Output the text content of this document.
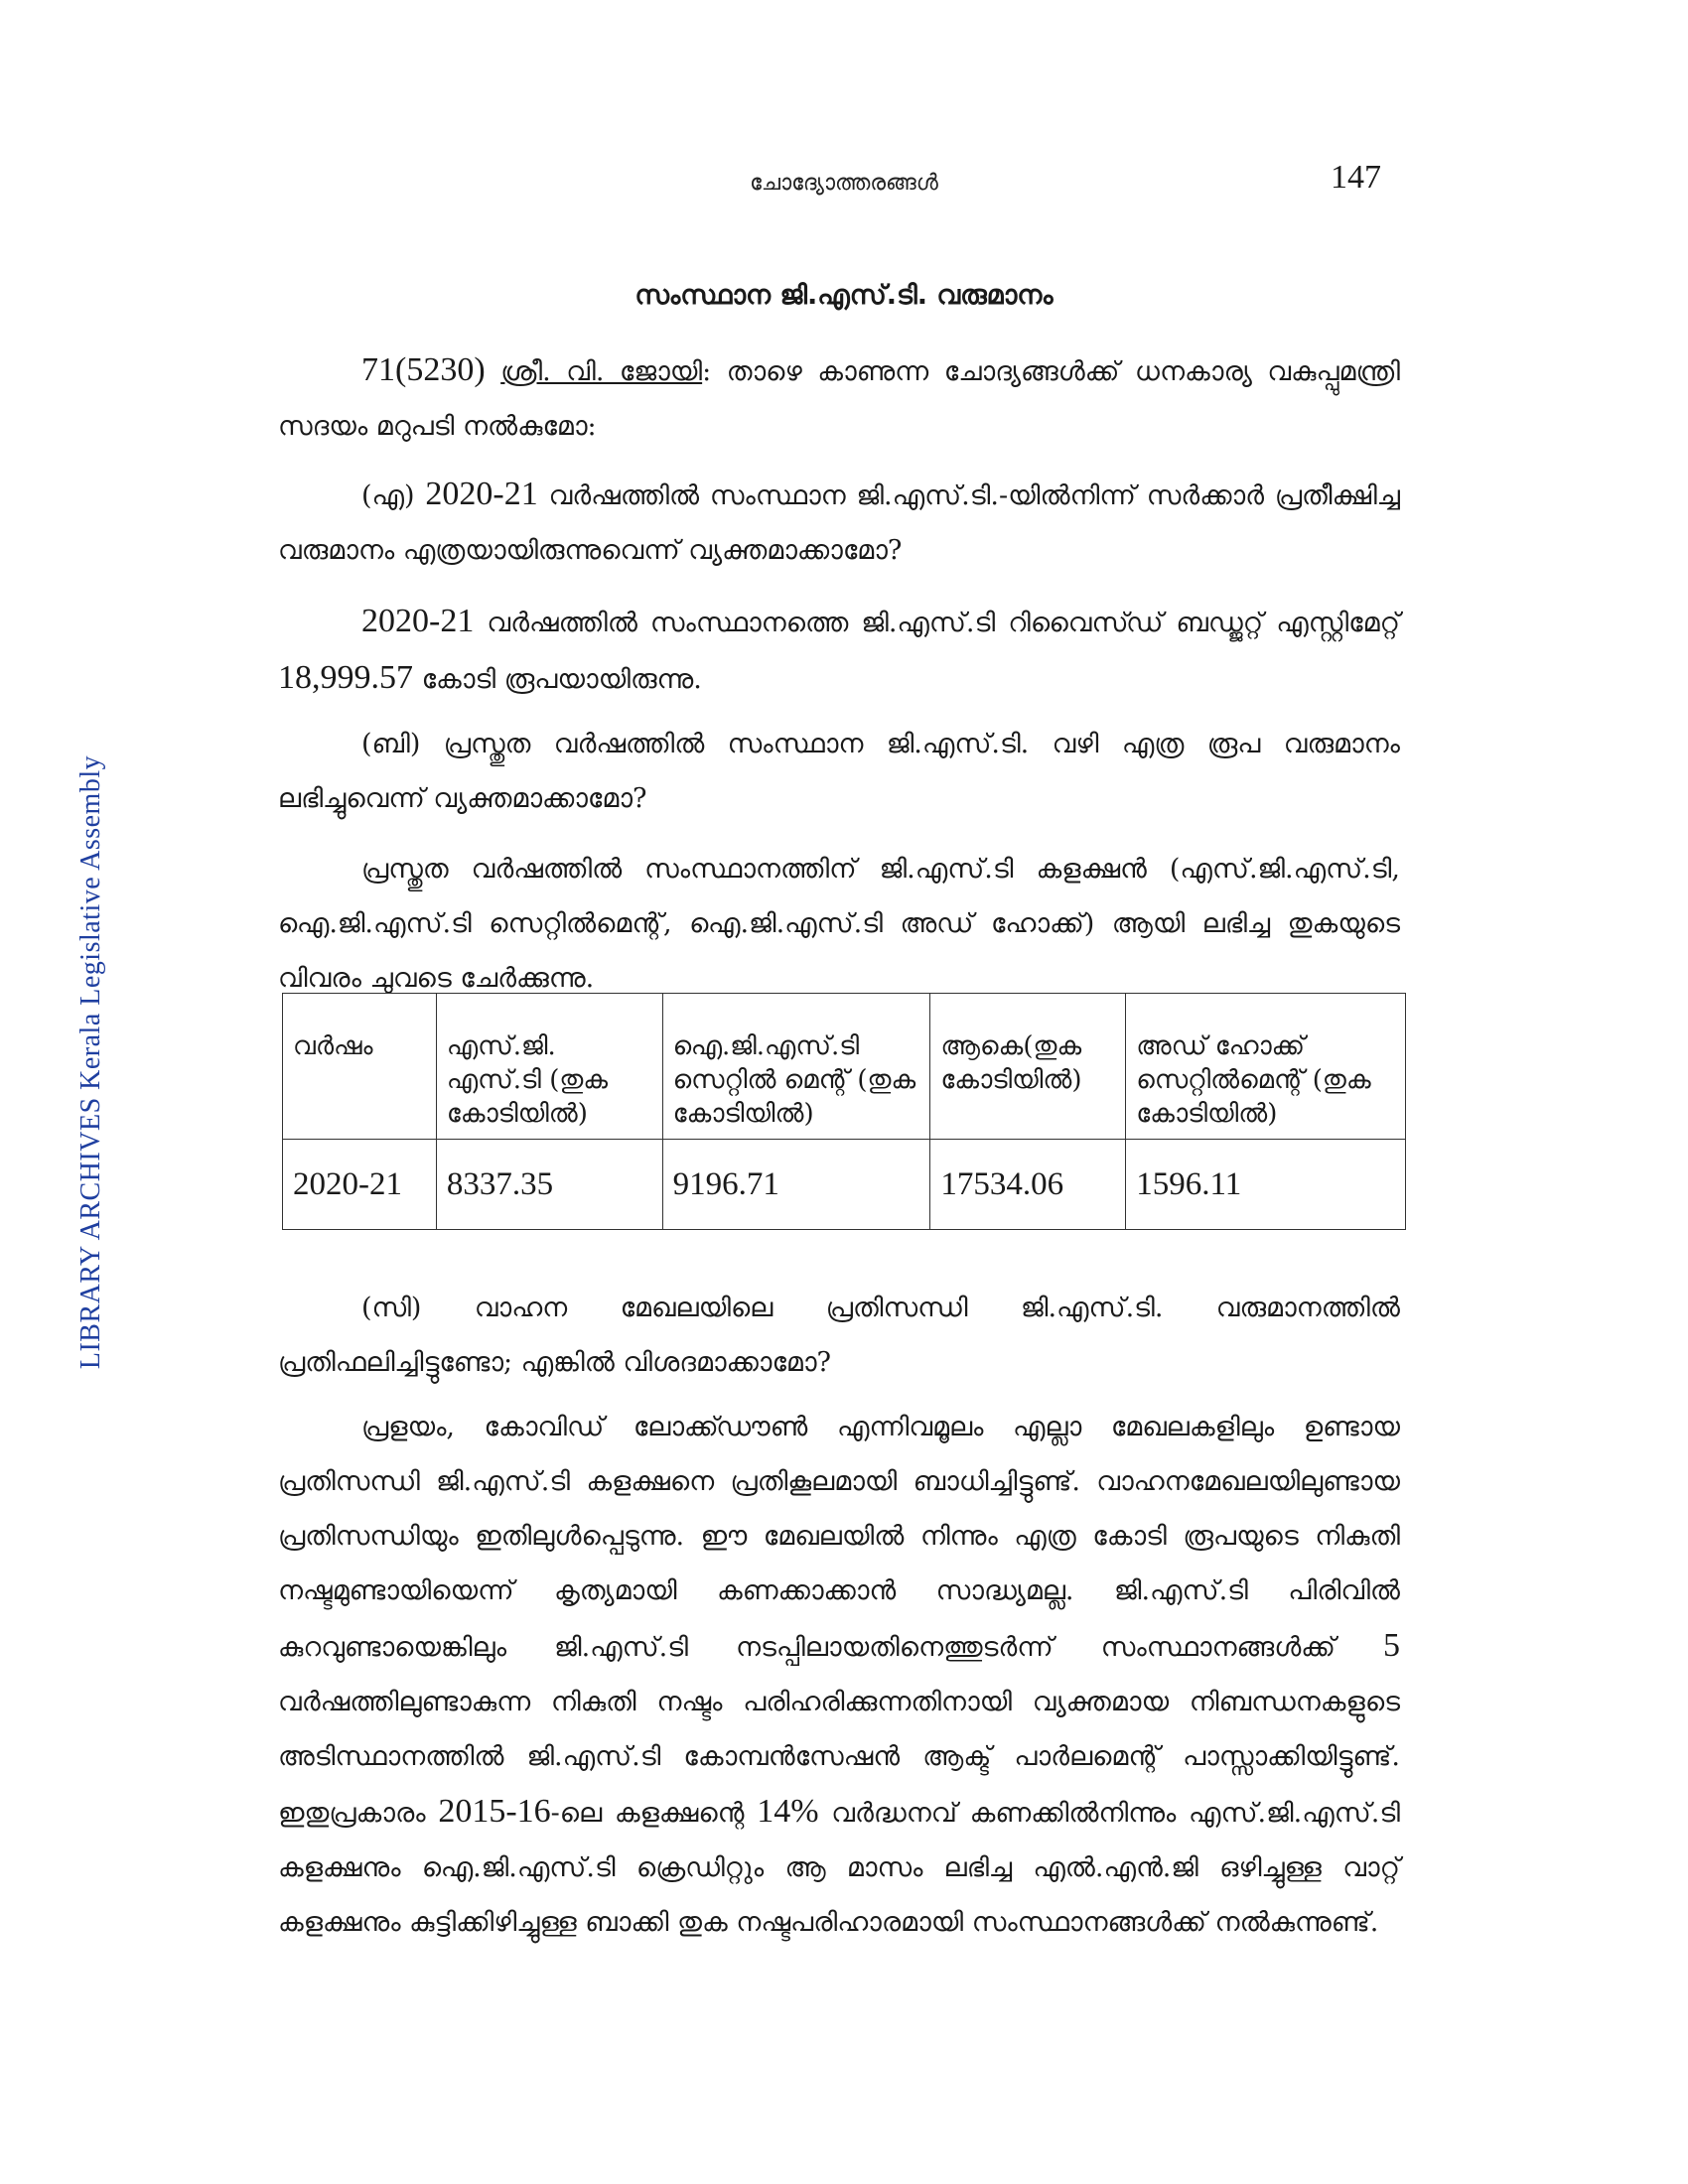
LIBRARY ARCHIVES Kerala Legislative Assembly
ചോദ്യോത്തരങ്ങൾ	147
സംസ്ഥാന ജി.എസ്.ടി. വരുമാനം

71(5230) ശ്രീ. വി. ജോയി: താഴെ കാണുന്ന ചോദ്യങ്ങൾക്ക് ധനകാര്യ വകുപ്പുമന്ത്രി സദയം മറുപടി നൽകുമോ:

(എ) 2020-21 വർഷത്തിൽ സംസ്ഥാന ജി.എസ്.ടി.-യിൽനിന്ന് സർക്കാർ പ്രതീക്ഷിച്ച വരുമാനം എത്രയായിരുന്നുവെന്ന് വ്യക്തമാക്കാമോ?

2020-21 വർഷത്തിൽ സംസ്ഥാനത്തെ ജി.എസ്.ടി റിവൈസ്ഡ് ബഡ്ജറ്റ് എസ്റ്റിമേറ്റ് 18,999.57 കോടി രൂപയായിരുന്നു.

(ബി) പ്രസ്തുത വർഷത്തിൽ സംസ്ഥാന ജി.എസ്.ടി. വഴി എത്ര രൂപ വരുമാനം ലഭിച്ചുവെന്ന് വ്യക്തമാക്കാമോ?

പ്രസ്തുത വർഷത്തിൽ സംസ്ഥാനത്തിന് ജി.എസ്.ടി കളക്ഷൻ (എസ്.ജി.എസ്.ടി, ഐ.ജി.എസ്.ടി സെറ്റിൽമെന്റ്, ഐ.ജി.എസ്.ടി അഡ് ഹോക്ക്) ആയി ലഭിച്ച തുകയുടെ വിവരം ചുവടെ ചേർക്കുന്നു.

വർഷം	എസ്.ജി. എസ്.ടി (തുക കോടിയിൽ)	ഐ.ജി.എസ്.ടി സെറ്റിൽ മെന്റ് (തുക കോടിയിൽ)	ആകെ(തുക കോടിയിൽ)	അഡ് ഹോക്ക് സെറ്റിൽമെന്റ് (തുക കോടിയിൽ)
2020-21	8337.35	9196.71	17534.06	1596.11

(സി) വാഹന മേഖലയിലെ പ്രതിസന്ധി ജി.എസ്.ടി. വരുമാനത്തിൽ പ്രതിഫലിച്ചിട്ടുണ്ടോ; എങ്കിൽ വിശദമാക്കാമോ?

പ്രളയം, കോവിഡ് ലോക്ക്ഡൗൺ എന്നിവമൂലം എല്ലാ മേഖലകളിലും ഉണ്ടായ പ്രതിസന്ധി ജി.എസ്.ടി കളക്ഷനെ പ്രതികൂലമായി ബാധിച്ചിട്ടുണ്ട്. വാഹനമേഖലയിലുണ്ടായ പ്രതിസന്ധിയും ഇതിലുൾപ്പെടുന്നു. ഈ മേഖലയിൽ നിന്നും എത്ര കോടി രൂപയുടെ നികുതി നഷ്ടമുണ്ടായിയെന്ന് കൃത്യമായി കണക്കാക്കാൻ സാദ്ധ്യമല്ല. ജി.എസ്.ടി പിരിവിൽ കുറവുണ്ടായെങ്കിലും ജി.എസ്.ടി നടപ്പിലായതിനെത്തുടർന്ന് സംസ്ഥാനങ്ങൾക്ക് 5 വർഷത്തിലുണ്ടാകുന്ന നികുതി നഷ്ടം പരിഹരിക്കുന്നതിനായി വ്യക്തമായ നിബന്ധനകളുടെ അടിസ്ഥാനത്തിൽ ജി.എസ്.ടി കോമ്പൻസേഷൻ ആക്ട് പാർലമെന്റ് പാസ്സാക്കിയിട്ടുണ്ട്. ഇതുപ്രകാരം 2015-16-ലെ കളക്ഷന്റെ 14% വർദ്ധനവ് കണക്കിൽനിന്നും എസ്.ജി.എസ്.ടി കളക്ഷനും ഐ.ജി.എസ്.ടി ക്രെഡിറ്റും ആ മാസം ലഭിച്ച എൽ.എൻ.ജി ഒഴിച്ചുള്ള വാറ്റ് കളക്ഷനും കുട്ടിക്കിഴിച്ചുള്ള ബാക്കി തുക നഷ്ടപരിഹാരമായി സംസ്ഥാനങ്ങൾക്ക് നൽകുന്നുണ്ട്.
